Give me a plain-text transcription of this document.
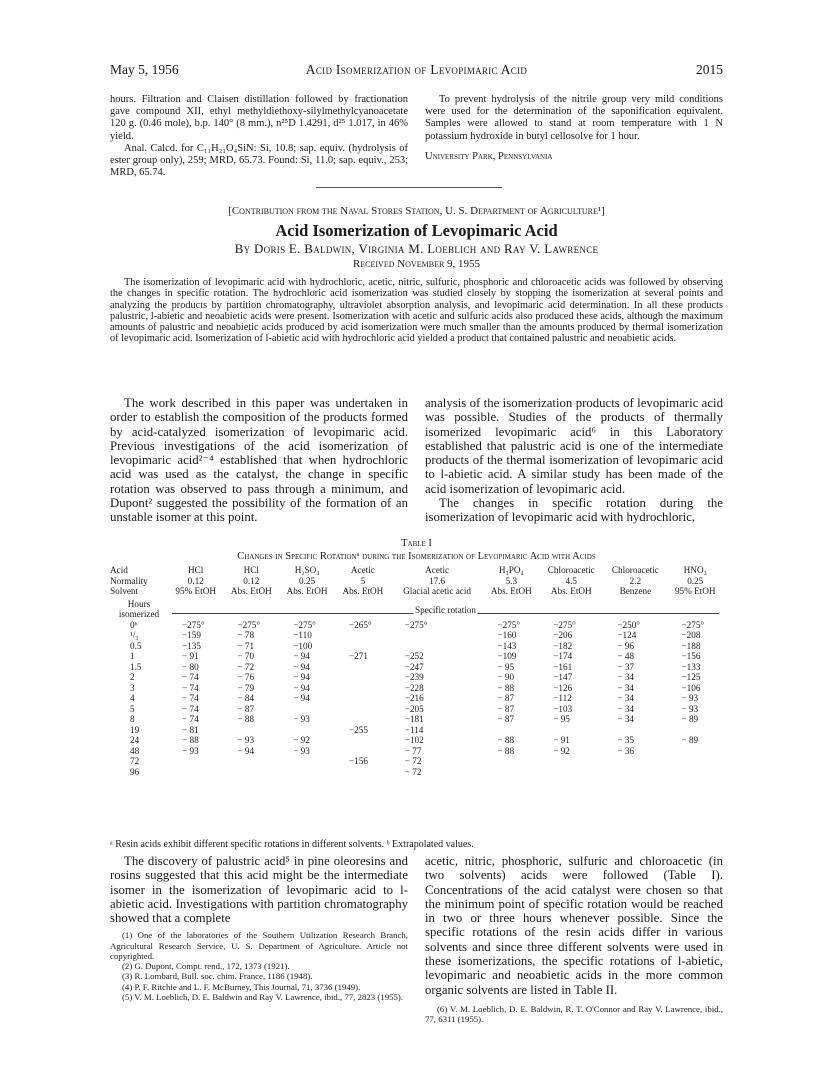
May 5, 1956	Acid Isomerization of Levopimaric Acid	2015

hours. Filtration and Claisen distillation followed by fractionation gave compound XII, ethyl methyldiethoxy-silylmethylcyanoacetate 120 g. (0.46 mole), b.p. 140° (8 mm.), n²⁵D 1.4291, d²⁵ 1.017, in 46% yield.

Anal. Calcd. for C₁₁H₂₁O₄SiN: Si, 10.8; sap. equiv. (hydrolysis of ester group only), 259; MRD, 65.73. Found: Si, 11.0; sap. equiv., 253; MRD, 65.74.

To prevent hydrolysis of the nitrile group very mild conditions were used for the determination of the saponification equivalent. Samples were allowed to stand at room temperature with 1 N potassium hydroxide in butyl cellosolve for 1 hour.

University Park, Pennsylvania

[Contribution from the Naval Stores Station, U. S. Department of Agriculture¹]
Acid Isomerization of Levopimaric Acid
By Doris E. Baldwin, Virginia M. Loeblich and Ray V. Lawrence
Received November 9, 1955

The isomerization of levopimaric acid with hydrochloric, acetic, nitric, sulfuric, phosphoric and chloroacetic acids was followed by observing the changes in specific rotation. The hydrochloric acid isomerization was studied closely by stopping the isomerization at several points and analyzing the products by partition chromatography, ultraviolet absorption analysis, and levopimaric acid determination. In all these products palustric, l-abietic and neoabietic acids were present. Isomerization with acetic and sulfuric acids also produced these acids, although the maximum amounts of palustric and neoabietic acids produced by acid isomerization were much smaller than the amounts produced by thermal isomerization of levopimaric acid. Isomerization of l-abietic acid with hydrochloric acid yielded a product that contained palustric and neoabietic acids.

The work described in this paper was undertaken in order to establish the composition of the products formed by acid-catalyzed isomerization of levopimaric acid. Previous investigations of the acid isomerization of levopimaric acid²⁻⁴ established that when hydrochloric acid was used as the catalyst, the change in specific rotation was observed to pass through a minimum, and Dupont² suggested the possibility of the formation of an unstable isomer at this point.

analysis of the isomerization products of levopimaric acid was possible. Studies of the products of thermally isomerized levopimaric acid⁶ in this Laboratory established that palustric acid is one of the intermediate products of the thermal isomerization of levopimaric acid to l-abietic acid. A similar study has been made of the acid isomerization of levopimaric acid.

The changes in specific rotation during the isomerization of levopimaric acid with hydrochloric,

Table I
Changes in Specific Rotationᵃ during the Isomerization of Levopimaric Acid with Acids
Acid	HCl	HCl	H₂SO₄	Acetic	Acetic	H₃PO₄	Chloroacetic	Chloroacetic	HNO₃
Normality	0.12	0.12	0.25	5	17.6	5.3	4.5	2.2	0.25
Solvent	95% EtOH	Abs. EtOH	Abs. EtOH	Abs. EtOH	Glacial acetic acid	Abs. EtOH	Abs. EtOH	Benzene	95% EtOH
Hours isomerized	Specific rotation								

0ᵇ	−275°	−275°	−275°	−265°	−275°	−275°	−275°	−250°	−275°
¹/₃	−159	− 78	−110			−160	−206	−124	−208
0.5	−135	− 71	−100			−143	−182	− 96	−188
1	− 91	− 70	− 94	−271	−252	−109	−174	− 48	−156
1.5	− 80	− 72	− 94		−247	− 95	−161	− 37	−133
2	− 74	− 76	− 94		−239	− 90	−147	− 34	−125
3	− 74	− 79	− 94		−228	− 88	−126	− 34	−106
4	− 74	− 84	− 94		−216	− 87	−112	− 34	− 93
5	− 74	− 87			−205	− 87	−103	− 34	− 93
8	− 74	− 88	− 93		−181	− 87	− 95	− 34	− 89
19	− 81			−255	−114				
24	− 88	− 93	− 92		−102	− 88	− 91	− 35	− 89
48	− 93	− 94	− 93		− 77	− 88	− 92	− 36	
72				−156	− 72				
96					− 72				
ᵃ Resin acids exhibit different specific rotations in different solvents. ᵇ Extrapolated values.

The discovery of palustric acid⁵ in pine oleoresins and rosins suggested that this acid might be the intermediate isomer in the isomerization of levopimaric acid to l-abietic acid. Investigations with partition chromatography showed that a complete

(1) One of the laboratories of the Southern Utilization Research Branch, Agricultural Research Service, U. S. Department of Agriculture. Article not copyrighted.

(2) G. Dupont, Compt. rend., 172, 1373 (1921).

(3) R. Lombard, Bull. soc. chim. France, 1186 (1948).

(4) P. F. Ritchie and L. F. McBurney, This Journal, 71, 3736 (1949).

(5) V. M. Loeblich, D. E. Baldwin and Ray V. Lawrence, ibid., 77, 2823 (1955).

acetic, nitric, phosphoric, sulfuric and chloroacetic (in two solvents) acids were followed (Table I). Concentrations of the acid catalyst were chosen so that the minimum point of specific rotation would be reached in two or three hours whenever possible. Since the specific rotations of the resin acids differ in various solvents and since three different solvents were used in these isomerizations, the specific rotations of l-abietic, levopimaric and neoabietic acids in the more common organic solvents are listed in Table II.

(6) V. M. Loeblich, D. E. Baldwin, R. T. O'Connor and Ray V. Lawrence, ibid., 77, 6311 (1955).
